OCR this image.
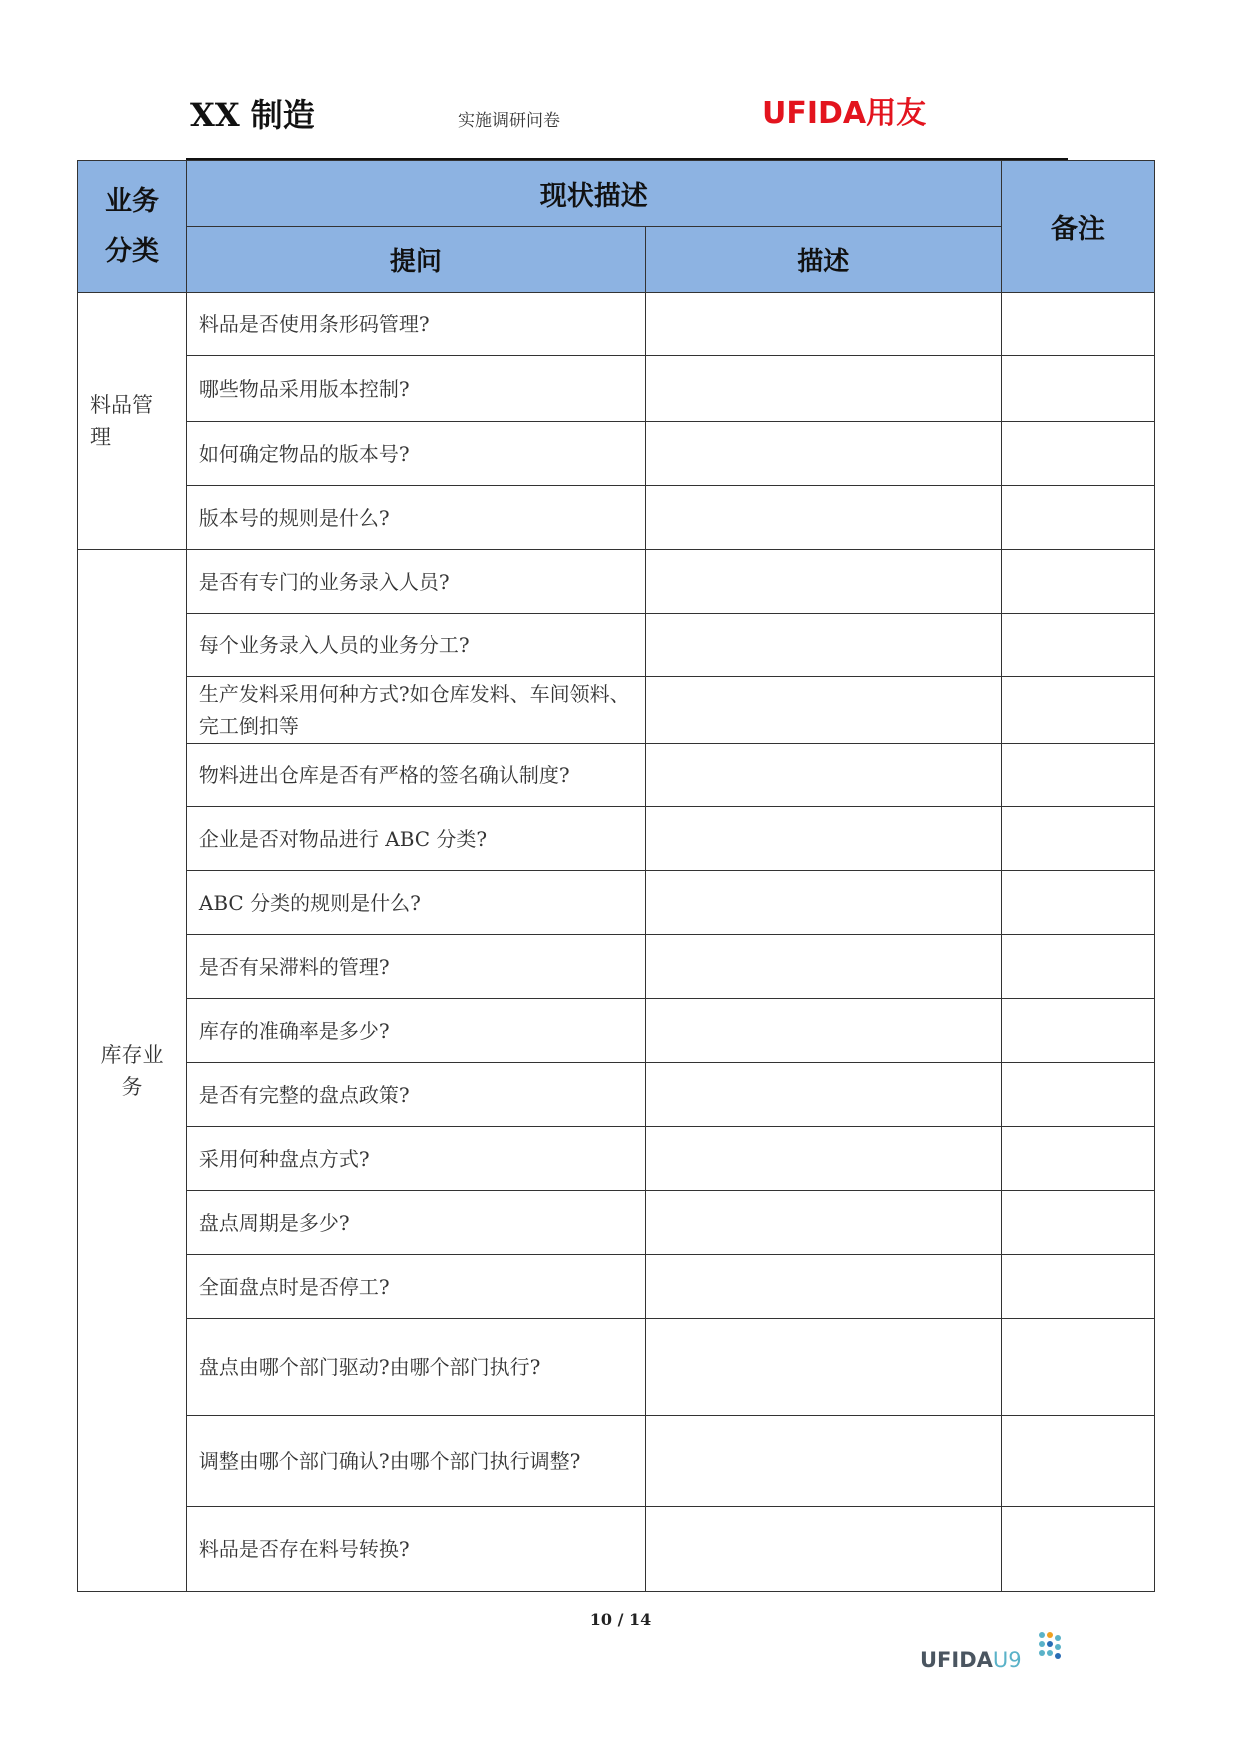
XX 制造	实施调研问卷	UFIDA用友
业务
分类	现状描述		备注
	提问	描述	
料品管
理	料品是否使用条形码管理?		
	哪些物品采用版本控制?		
	如何确定物品的版本号?		
	版本号的规则是什么?		
库存业
务	是否有专门的业务录入人员?		
	每个业务录入人员的业务分工?		
	生产发料采用何种方式?如仓库发料、车间领料、完工倒扣等		
	物料进出仓库是否有严格的签名确认制度?		
	企业是否对物品进行 ABC 分类?		
	ABC 分类的规则是什么?		
	是否有呆滞料的管理?		
	库存的准确率是多少?		
	是否有完整的盘点政策?		
	采用何种盘点方式?		
	盘点周期是多少?		
	全面盘点时是否停工?		
	盘点由哪个部门驱动?由哪个部门执行?		
	调整由哪个部门确认?由哪个部门执行调整?		
	料品是否存在料号转换?		
10 / 14
UFIDAU9
